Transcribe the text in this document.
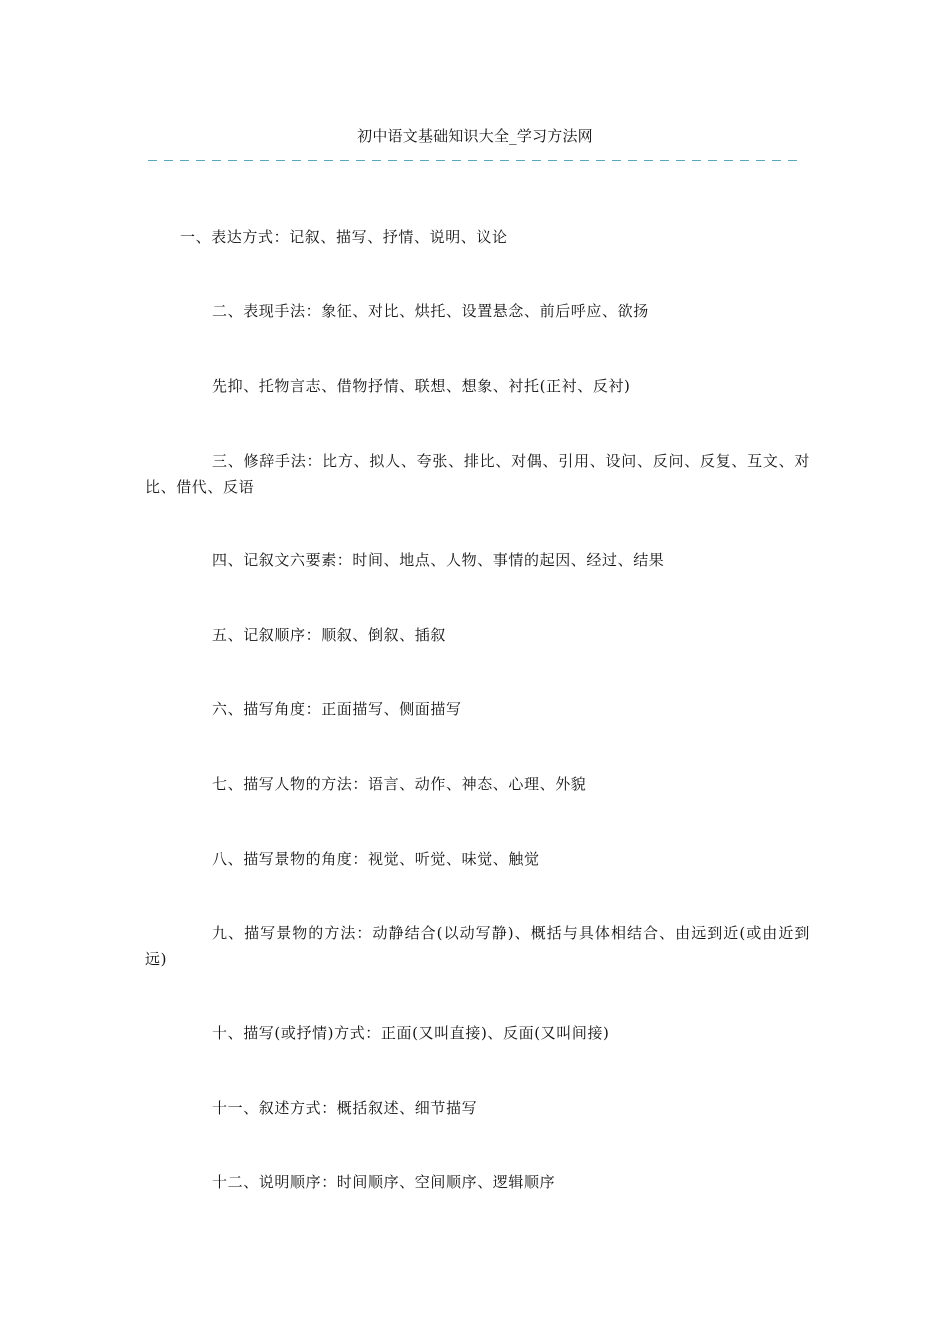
初中语文基础知识大全_学习方法网

一、表达方式：记叙、描写、抒情、说明、议论

二、表现手法：象征、对比、烘托、设置悬念、前后呼应、欲扬

先抑、托物言志、借物抒情、联想、想象、衬托(正衬、反衬)

三、修辞手法：比方、拟人、夸张、排比、对偶、引用、设问、反问、反复、互文、对比、借代、反语

四、记叙文六要素：时间、地点、人物、事情的起因、经过、结果

五、记叙顺序：顺叙、倒叙、插叙

六、描写角度：正面描写、侧面描写

七、描写人物的方法：语言、动作、神态、心理、外貌

八、描写景物的角度：视觉、听觉、味觉、触觉

九、描写景物的方法：动静结合(以动写静)、概括与具体相结合、由远到近(或由近到远)

十、描写(或抒情)方式：正面(又叫直接)、反面(又叫间接)

十一、叙述方式：概括叙述、细节描写

十二、说明顺序：时间顺序、空间顺序、逻辑顺序
